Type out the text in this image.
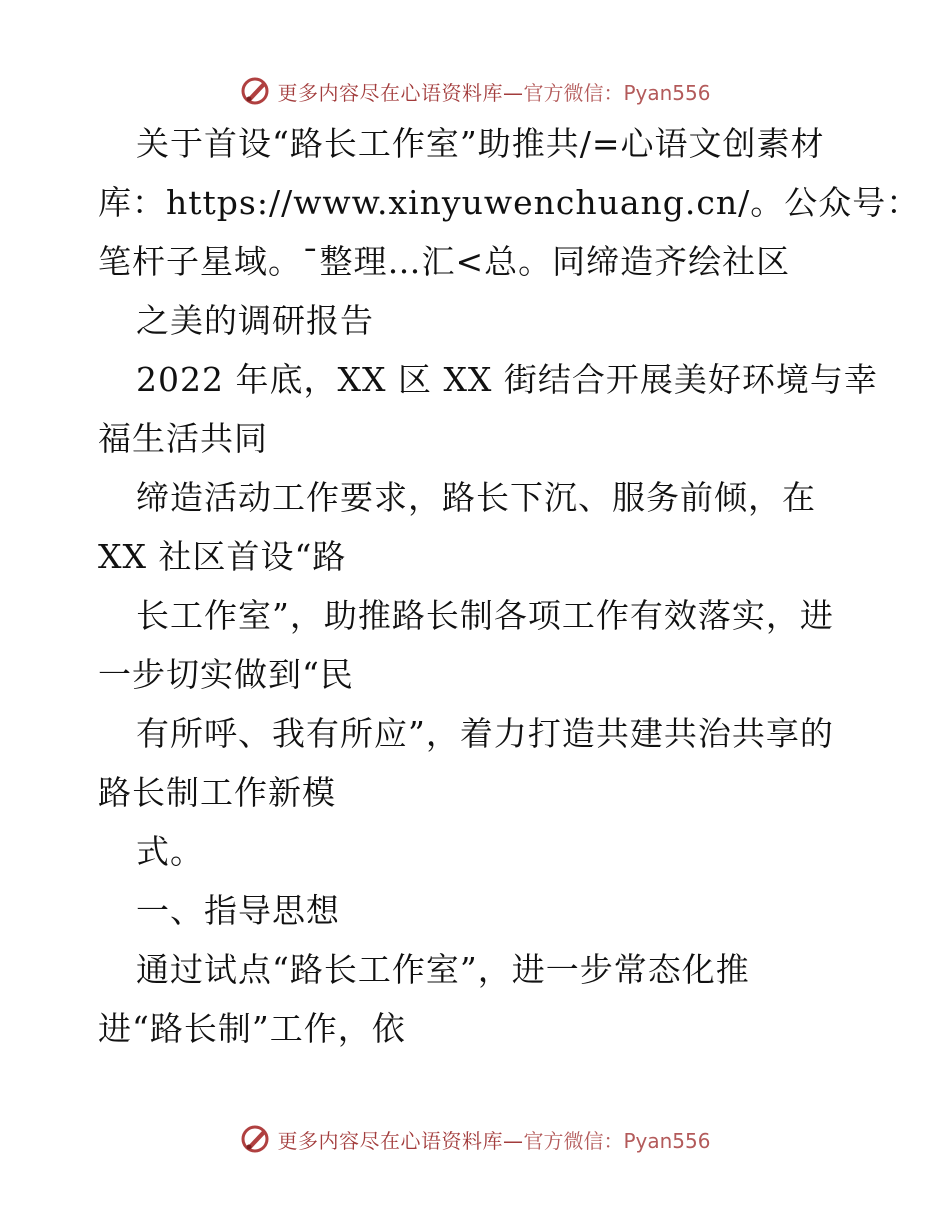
更多内容尽在心语资料库— 官方微信：Pyan556
关于首设“路长工作室”助推共/=心语文创素材
库：https://www.xinyuwenchuang.cn/。公众号：
笔杆子星域。¯整理…汇<总。同缔造齐绘社区
之美的调研报告
2022 年底，XX 区 XX 街结合开展美好环境与幸
福生活共同
缔造活动工作要求，路长下沉、服务前倾，在
XX 社区首设“路
长工作室”，助推路长制各项工作有效落实，进
一步切实做到“民
有所呼、我有所应”，着力打造共建共治共享的
路长制工作新模
式。
一、指导思想
通过试点“路长工作室”，进一步常态化推
进“路长制”工作，依
更多内容尽在心语资料库— 官方微信：Pyan556
